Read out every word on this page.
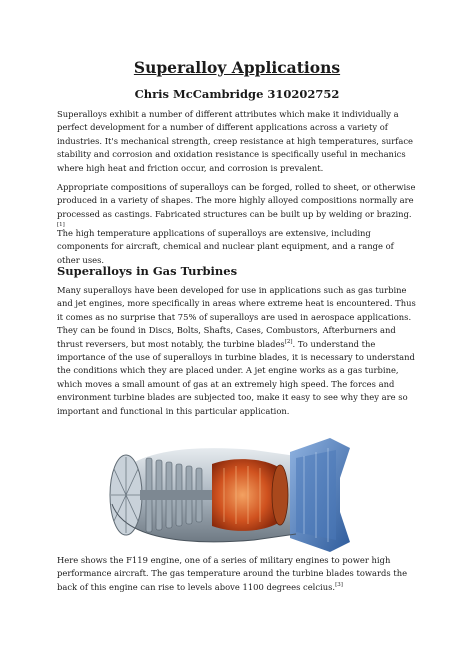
Superalloy Applications

Chris McCambridge 310202752

Superalloys exhibit a number of different attributes which make it individually a perfect development for a number of different applications across a variety of industries. It's mechanical strength, creep resistance at high temperatures, surface stability and corrosion and oxidation resistance is specifically useful in mechanics where high heat and friction occur, and corrosion is prevalent.

Appropriate compositions of superalloys can be forged, rolled to sheet, or otherwise produced in a variety of shapes. The more highly alloyed compositions normally are processed as castings. Fabricated structures can be built up by welding or brazing.[1]

The high temperature applications of superalloys are extensive, including components for aircraft, chemical and nuclear plant equipment, and a range of other uses.

Superalloys in Gas Turbines

Many superalloys have been developed for use in applications such as gas turbine and jet engines, more specifically in areas where extreme heat is encountered. Thus it comes as no surprise that 75% of superalloys are used in aerospace applications. They can be found in Discs, Bolts, Shafts, Cases, Combustors, Afterburners and thrust reversers, but most notably, the turbine blades[2]. To understand the importance of the use of superalloys in turbine blades, it is necessary to understand the conditions which they are placed under. A jet engine works as a gas turbine, which moves a small amount of gas at an extremely high speed. The forces and environment turbine blades are subjected too, make it easy to see why they are so important and functional in this particular application.

Here shows the F119 engine, one of a series of military engines to power high performance aircraft. The gas temperature around the turbine blades towards the back of this engine can rise to levels above 1100 degrees celcius.[3]
